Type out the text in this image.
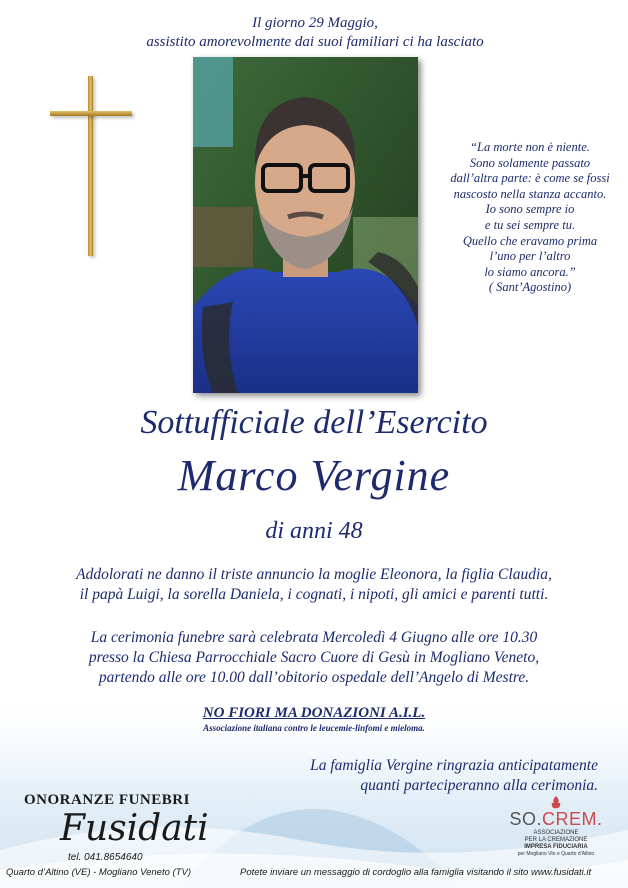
Il giorno 29 Maggio,
assistito amorevolmente dai suoi familiari ci ha lasciato
“La morte non è niente.
Sono solamente passato
dall’altra parte: è come se fossi
nascosto nella stanza accanto.
Io sono sempre io
e tu sei sempre tu.
Quello che eravamo prima
l’uno per l’altro
lo siamo ancora.”
( Sant’Agostino)
Sottufficiale dell’Esercito
Marco Vergine
di anni 48
Addolorati ne danno il triste annuncio la moglie Eleonora, la figlia Claudia,
il papà Luigi, la sorella Daniela, i cognati, i nipoti, gli amici e parenti tutti.
La cerimonia funebre sarà celebrata Mercoledì 4 Giugno alle ore 10.30
presso la Chiesa Parrocchiale Sacro Cuore di Gesù in Mogliano Veneto,
partendo alle ore 10.00 dall’obitorio ospedale dell’Angelo di Mestre.
NO FIORI MA DONAZIONI A.I.L.
Associazione italiana contro le leucemie-linfomi e mieloma.
La famiglia Vergine ringrazia anticipatamente
quanti parteciperanno alla cerimonia.
ONORANZE FUNEBRI
Fusidati
tel. 041.8654640
Quarto d’Altino (VE) - Mogliano Veneto (TV)
SO.CREM.
ASSOCIAZIONE
PER LA CREMAZIONE
IMPRESA FIDUCIARIA
per Mogliano Vto e Quarto d’Altino
Potete inviare un messaggio di cordoglio alla famiglia visitando il sito www.fusidati.it
